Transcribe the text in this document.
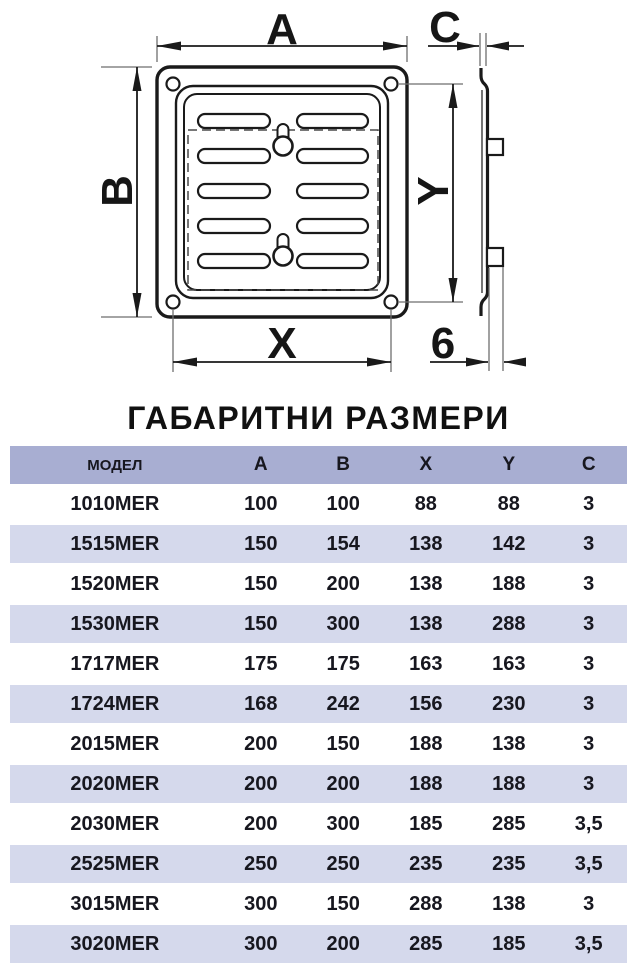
A
B
X
Y
C
6
ГАБАРИТНИ РАЗМЕРИ
МОДЕЛ	A	B	X	Y	C
1010MER	100	100	88	88	3
1515MER	150	154	138	142	3
1520MER	150	200	138	188	3
1530MER	150	300	138	288	3
1717MER	175	175	163	163	3
1724MER	168	242	156	230	3
2015MER	200	150	188	138	3
2020MER	200	200	188	188	3
2030MER	200	300	185	285	3,5
2525MER	250	250	235	235	3,5
3015MER	300	150	288	138	3
3020MER	300	200	285	185	3,5
